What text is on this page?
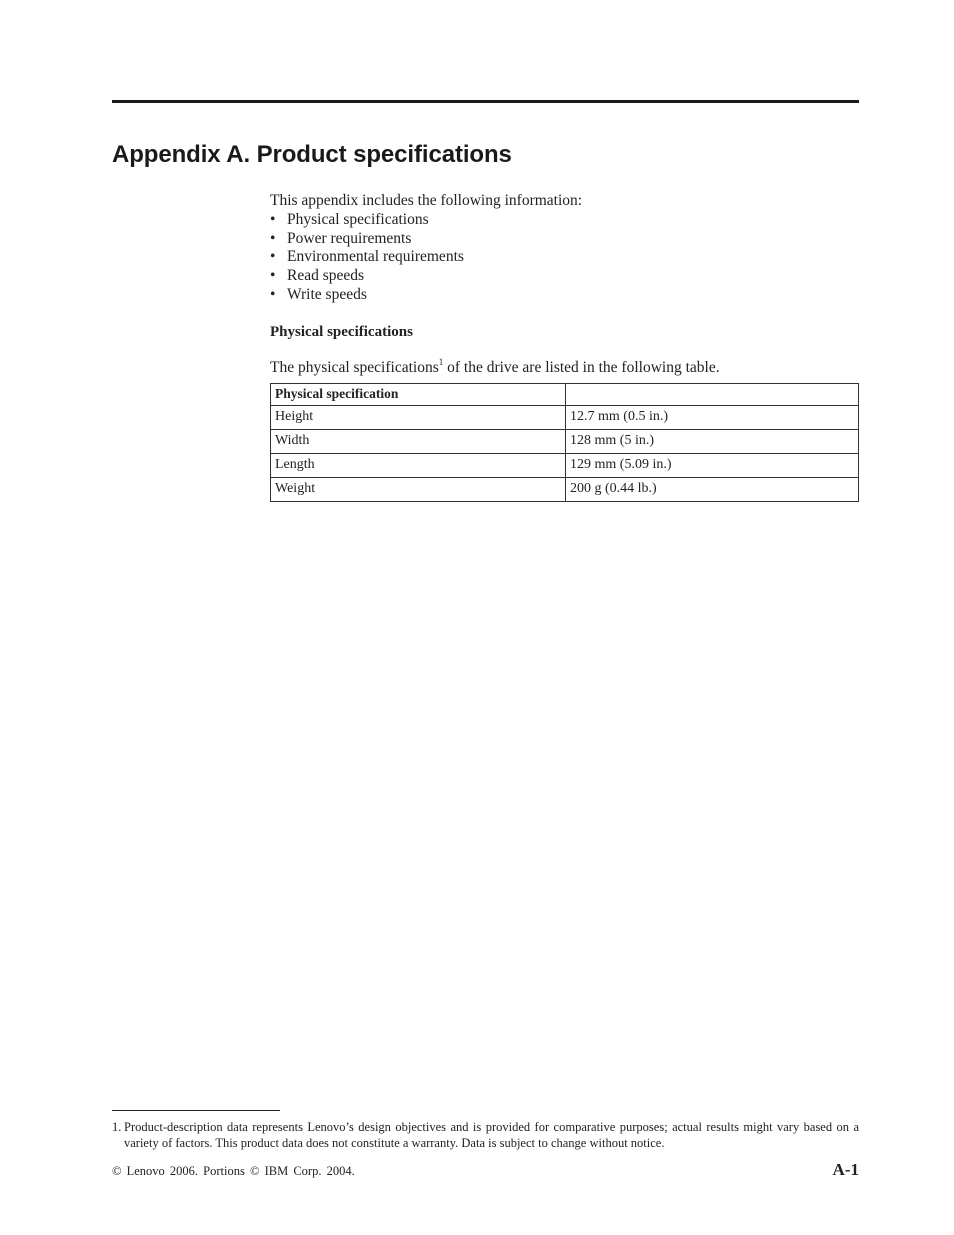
Appendix A. Product specifications

This appendix includes the following information:

• Physical specifications
• Power requirements
• Environmental requirements
• Read speeds
• Write speeds
Physical specifications

The physical specifications$^1$ of the drive are listed in the following table.

Physical specification	
Height	12.7 mm (0.5 in.)
Width	128 mm (5 in.)
Length	129 mm (5.09 in.)
Weight	200 g (0.44 lb.)

1. Product-description data represents Lenovo’s design objectives and is provided for comparative purposes; actual results might vary based on a variety of factors. This product data does not constitute a warranty. Data is subject to change without notice.

© Lenovo 2006. Portions © IBM Corp. 2004.	A-1
